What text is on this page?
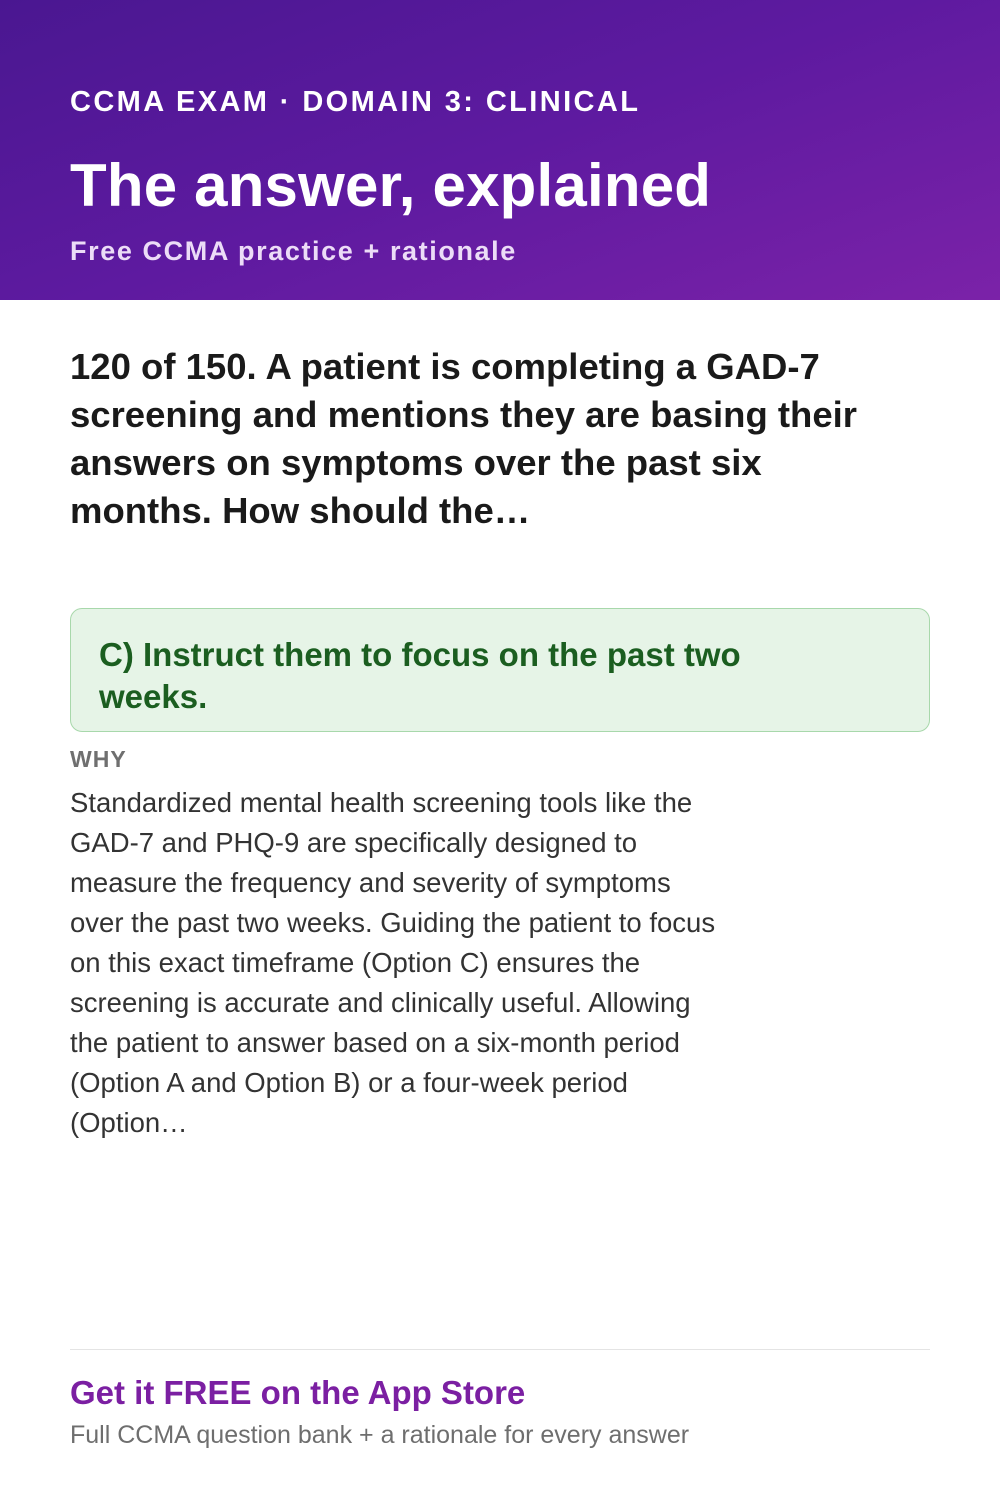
CCMA EXAM · DOMAIN 3: CLINICAL
The answer, explained
Free CCMA practice + rationale
120 of 150. A patient is completing a GAD-7 screening and mentions they are basing their answers on symptoms over the past six months. How should the…
C) Instruct them to focus on the past two weeks.
WHY
Standardized mental health screening tools like the GAD-7 and PHQ-9 are specifically designed to measure the frequency and severity of symptoms over the past two weeks. Guiding the patient to focus on this exact timeframe (Option C) ensures the screening is accurate and clinically useful. Allowing the patient to answer based on a six-month period (Option A and Option B) or a four-week period (Option…
Get it FREE on the App Store
Full CCMA question bank + a rationale for every answer
